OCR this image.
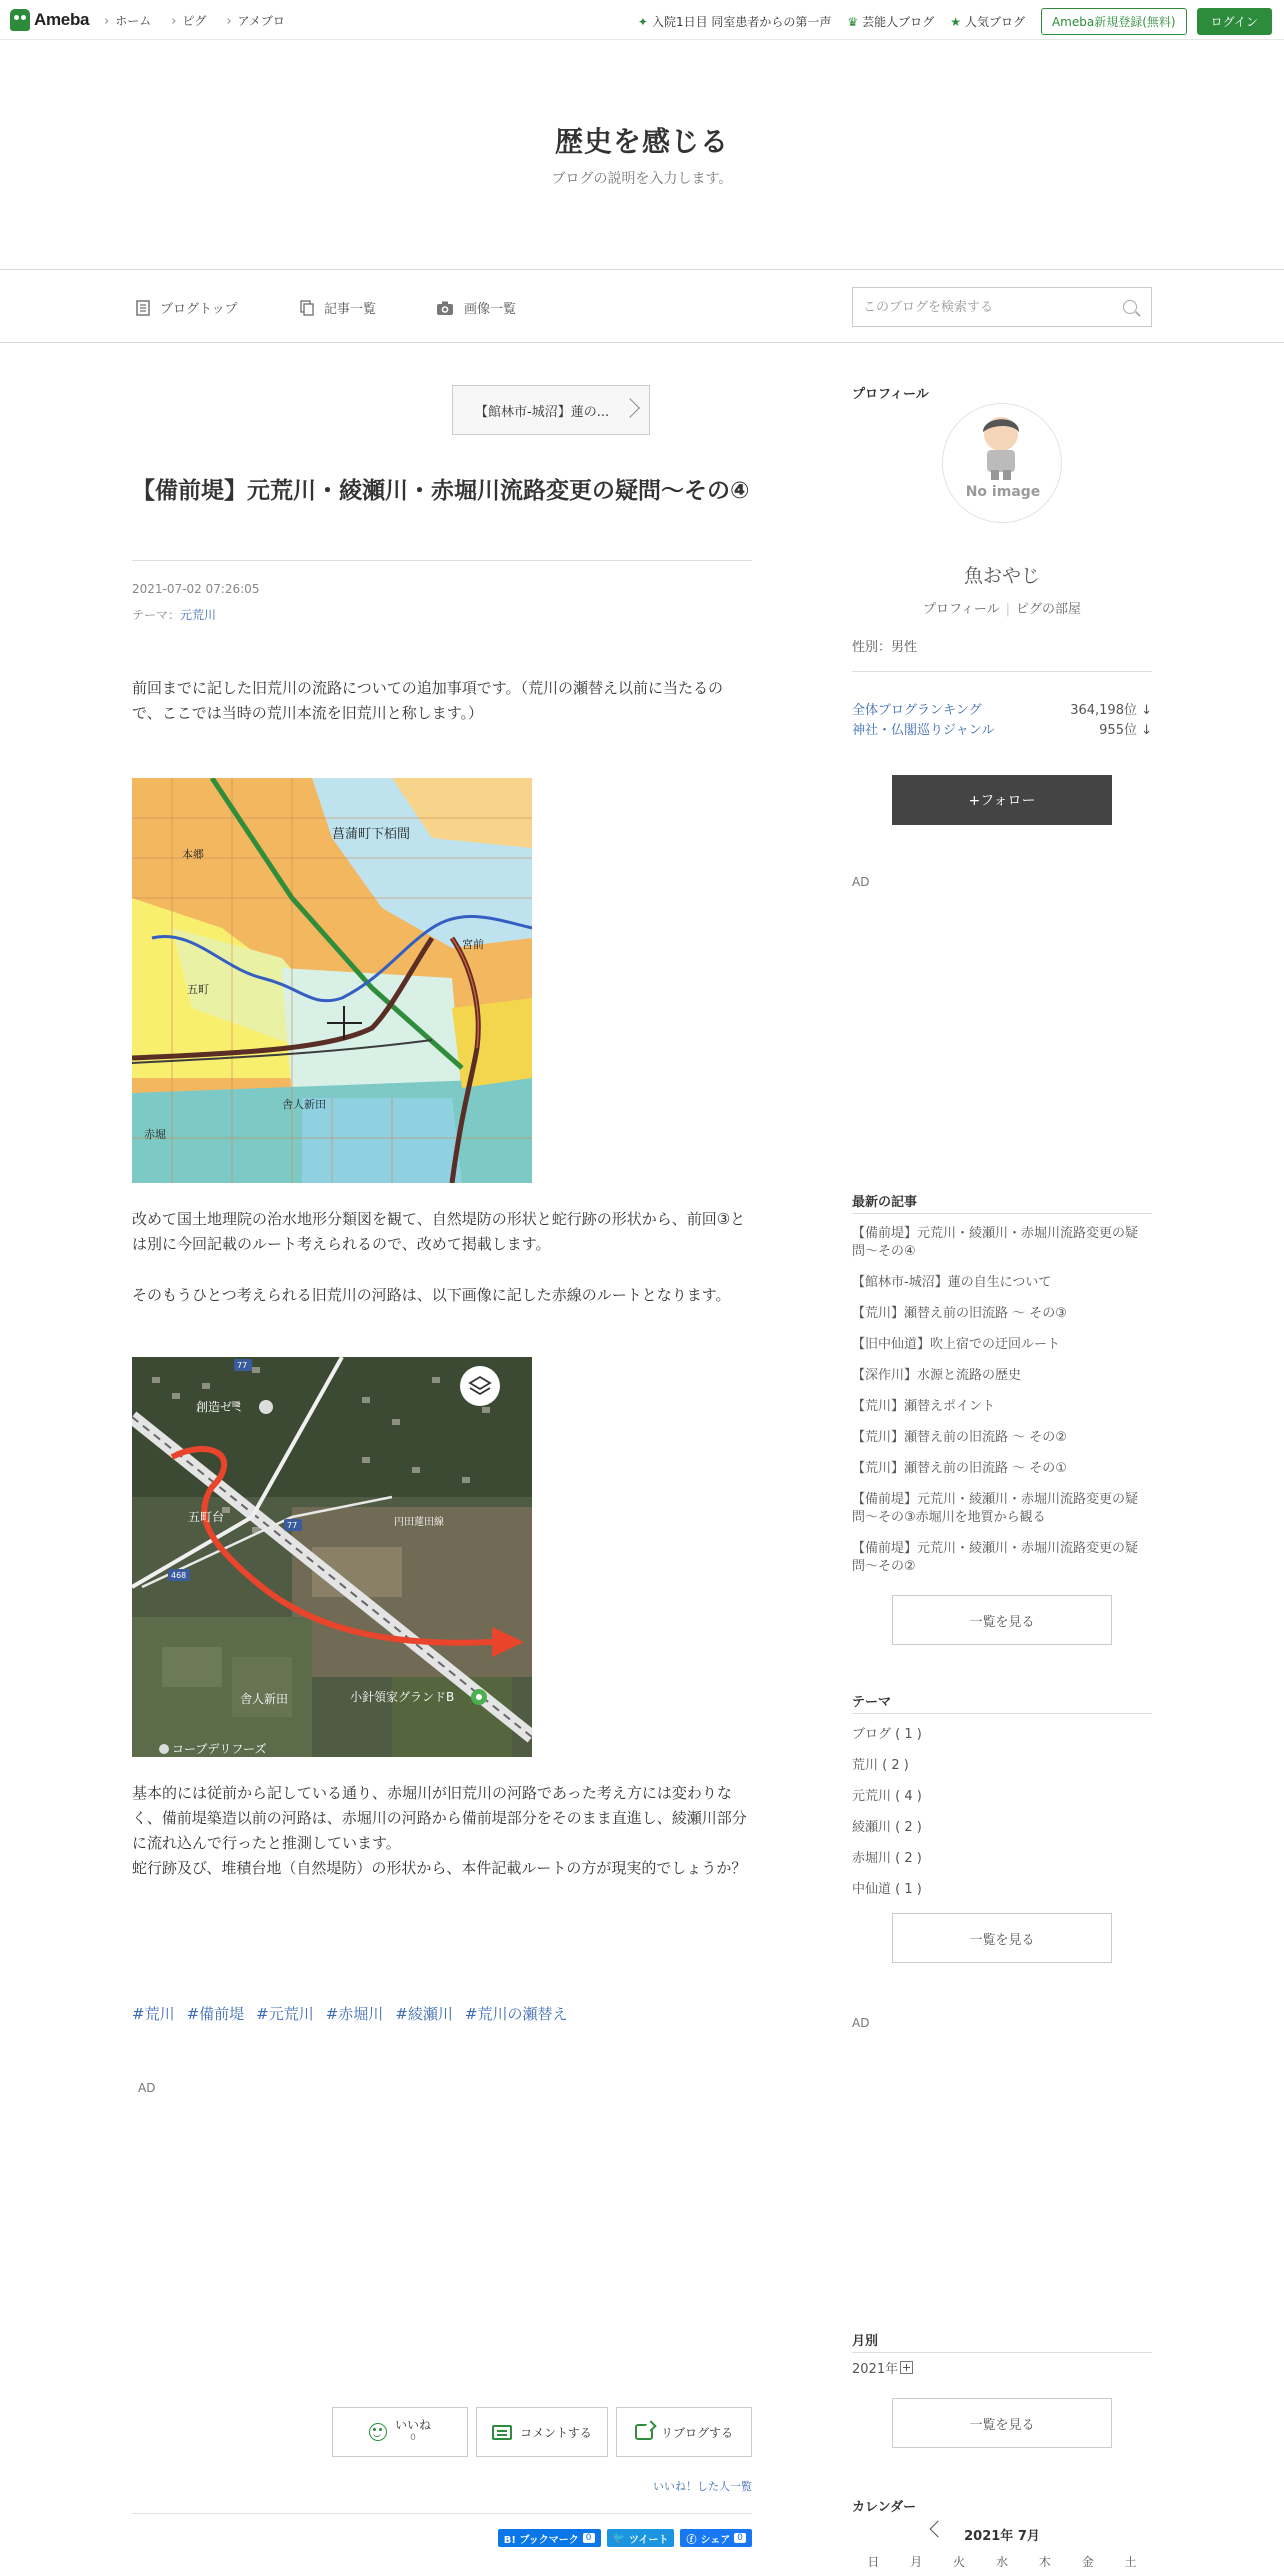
Ameba	› ホーム	› ピグ	› アメブロ	✦ 入院1日目 同室患者からの第一声 ♛ 芸能人ブログ ★ 人気ブログ	Ameba新規登録(無料)	ログイン
歴史を感じる
ブログの説明を入力します。
ブログトップ	記事一覧	画像一覧
このブログを検索する
【館林市-城沼】蓮の...
【備前堤】元荒川・綾瀬川・赤堀川流路変更の疑問〜その④
2021-07-02 07:26:05
テーマ：元荒川

前回までに記した旧荒川の流路についての追加事項です。（荒川の瀬替え以前に当たるので、ここでは当時の荒川本流を旧荒川と称します。）

菖蒲町下栢間
本郷
宮前
五町
舎人新田
赤堀

改めて国土地理院の治水地形分類図を観て、自然堤防の形状と蛇行跡の形状から、前回③とは別に今回記載のルート考えられるので、改めて掲載します。

そのもうひとつ考えられる旧荒川の河路は、以下画像に記した赤線のルートとなります。

77
77
468
創造ゼミ
五町台
舎人新田	小針領家グランドB
コーブデリフーズ
円田蓮田線

基本的には従前から記している通り、赤堀川が旧荒川の河路であった考え方には変わりなく、備前堤築造以前の河路は、赤堀川の河路から備前堤部分をそのまま直進し、綾瀬川部分に流れ込んで行ったと推測しています。

蛇行跡及び、堆積台地（自然堤防）の形状から、本件記載ルートの方が現実的でしょうか？

#荒川 #備前堤 #元荒川 #赤堀川 #綾瀬川 #荒川の瀬替え
AD
いいね
0	コメントする	リブログする
いいね！した人一覧
B! ブックマーク 0	🐦 ツイート ⓕ シェア 0
プロフィール
No image
魚おやじ
プロフィール | ピグの部屋
性別：男性
全体ブログランキング	364,198位 ↓
神社・仏閣巡りジャンル	955位 ↓
+フォロー
AD
最新の記事
【備前堤】元荒川・綾瀬川・赤堀川流路変更の疑問〜その④
【館林市-城沼】蓮の自生について
【荒川】瀬替え前の旧流路 〜 その③
【旧中仙道】吹上宿での迂回ルート
【深作川】水源と流路の歴史
【荒川】瀬替えポイント
【荒川】瀬替え前の旧流路 〜 その②
【荒川】瀬替え前の旧流路 〜 その①
【備前堤】元荒川・綾瀬川・赤堀川流路変更の疑問〜その③赤堀川を地質から観る
【備前堤】元荒川・綾瀬川・赤堀川流路変更の疑問〜その②
一覧を見る
テーマ
ブログ ( 1 )
荒川 ( 2 )
元荒川 ( 4 )
綾瀬川 ( 2 )
赤堀川 ( 2 )
中仙道 ( 1 )
一覧を見る
AD
月別
2021年
一覧を見る
カレンダー
2021年 7月
日	月	火	水	木	金	土
